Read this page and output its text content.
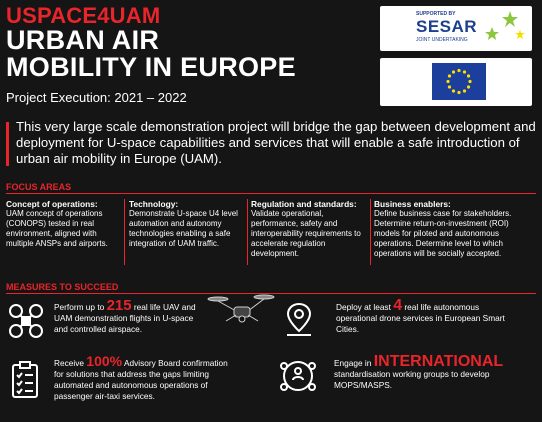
USPACE4UAM
URBAN AIR
MOBILITY IN EUROPE
Project Execution: 2021 – 2022
SUPPORTED BY
SESAR
JOINT UNDERTAKING
This very large scale demonstration project will bridge the gap between development and deployment for U-space capabilities and services that will enable a safe introduction of urban air mobility in Europe (UAM).
FOCUS AREAS
Concept of operations:
UAM concept of operations (CONOPS) tested in real environment, aligned with multiple ANSPs and airports.
Technology:
Demonstrate U-space U4 level automation and autonomy technologies enabling a safe integration of UAM traffic.
Regulation and standards:
Validate operational, performance, safety and interoperability requirements to accelerate regulation development.
Business enablers:
Define business case for stakeholders. Determine return-on-investment (ROI) models for piloted and autonomous operations. Determine level to which operations will be socially accepted.
MEASURES TO SUCCEED
Perform up to 215 real life UAV and UAM demonstration flights in U-space and controlled airspace.
Deploy at least 4 real life autonomous operational drone services in European Smart Cities.
Receive 100% Advisory Board confirmation for solutions that address the gaps limiting automated and autonomous operations of passenger air-taxi services.
Engage in INTERNATIONAL standardisation working groups to develop MOPS/MASPS.
